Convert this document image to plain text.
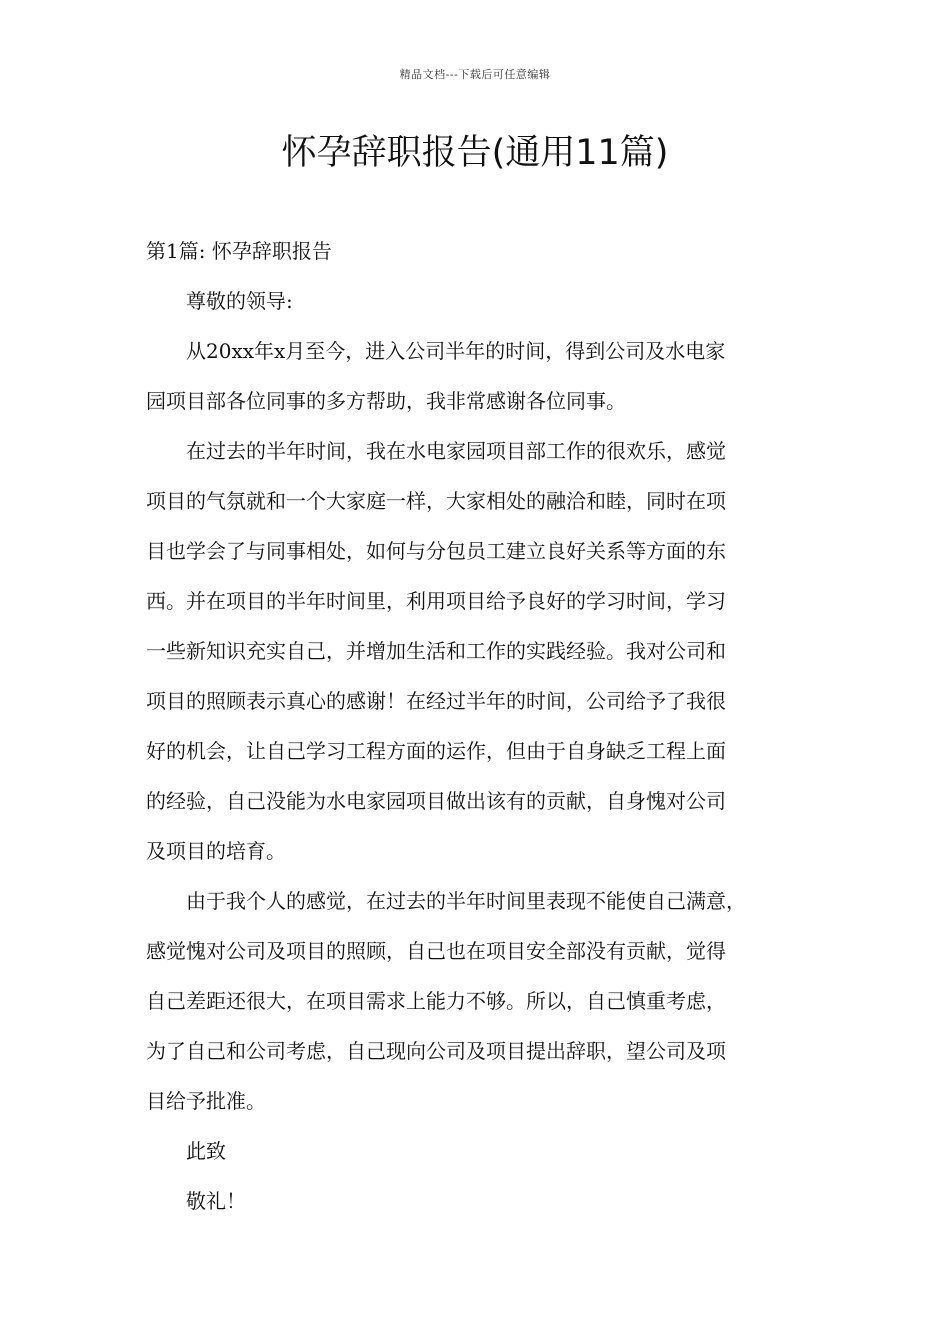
精品文档---下载后可任意编辑
怀孕辞职报告(通用11篇)

第1篇: 怀孕辞职报告

尊敬的领导:

从20xx年x月至今，进入公司半年的时间，得到公司及水电家
园项目部各位同事的多方帮助，我非常感谢各位同事。

在过去的半年时间，我在水电家园项目部工作的很欢乐，感觉
项目的气氛就和一个大家庭一样，大家相处的融洽和睦，同时在项
目也学会了与同事相处，如何与分包员工建立良好关系等方面的东
西。并在项目的半年时间里，利用项目给予良好的学习时间，学习
一些新知识充实自己，并增加生活和工作的实践经验。我对公司和
项目的照顾表示真心的感谢！在经过半年的时间，公司给予了我很
好的机会，让自己学习工程方面的运作，但由于自身缺乏工程上面
的经验，自己没能为水电家园项目做出该有的贡献，自身愧对公司
及项目的培育。

由于我个人的感觉，在过去的半年时间里表现不能使自己满意，
感觉愧对公司及项目的照顾，自己也在项目安全部没有贡献，觉得
自己差距还很大，在项目需求上能力不够。所以，自己慎重考虑，
为了自己和公司考虑，自己现向公司及项目提出辞职，望公司及项
目给予批准。

此致
敬礼！
